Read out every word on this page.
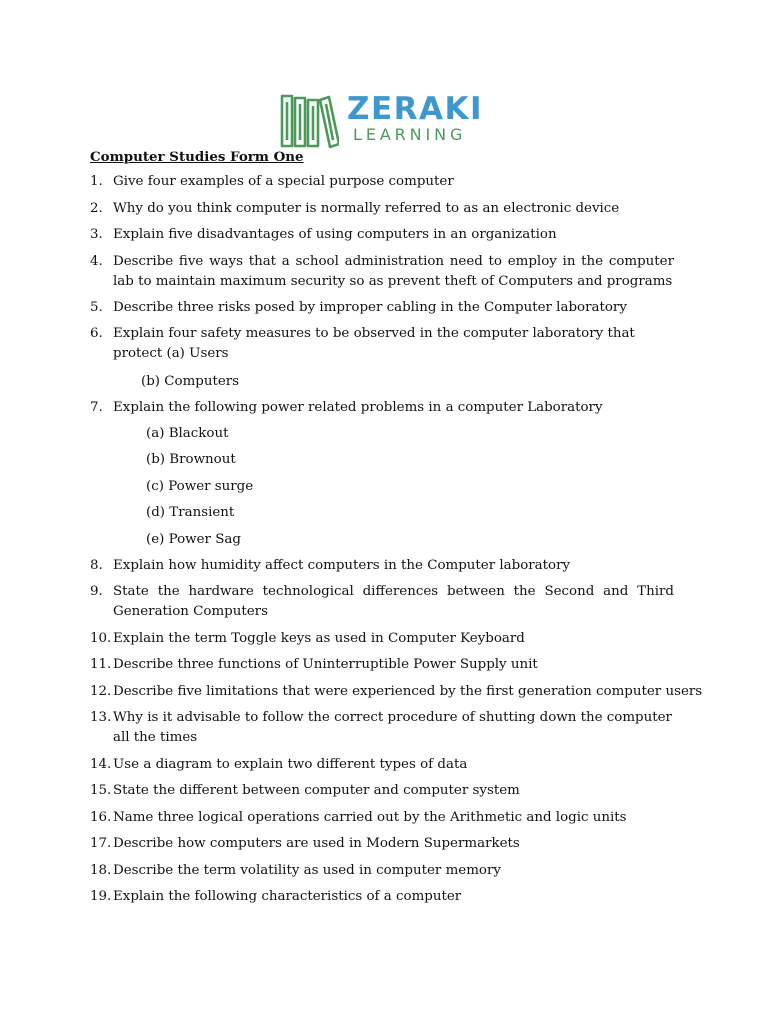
ZERAKI
LEARNING
Computer Studies Form One
1. Give four examples of a special purpose computer
2. Why do you think computer is normally referred to as an electronic device
3. Explain five disadvantages of using computers in an organization
4. Describe five ways that a school administration need to employ in the computer lab to maintain maximum security so as prevent theft of Computers and programs
5. Describe three risks posed by improper cabling in the Computer laboratory
6. Explain four safety measures to be observed in the computer laboratory that protect (a) Users
(b) Computers
7. Explain the following power related problems in a computer Laboratory
(a) Blackout
(b) Brownout
(c) Power surge
(d) Transient
(e) Power Sag
8. Explain how humidity affect computers in the Computer laboratory
9. State the hardware technological differences between the Second and Third Generation Computers
10. Explain the term Toggle keys as used in Computer Keyboard
11. Describe three functions of Uninterruptible Power Supply unit
12. Describe five limitations that were experienced by the first generation computer users
13. Why is it advisable to follow the correct procedure of shutting down the computer all the times
14. Use a diagram to explain two different types of data
15. State the different between computer and computer system
16. Name three logical operations carried out by the Arithmetic and logic units
17. Describe how computers are used in Modern Supermarkets
18. Describe the term volatility as used in computer memory
19. Explain the following characteristics of a computer
